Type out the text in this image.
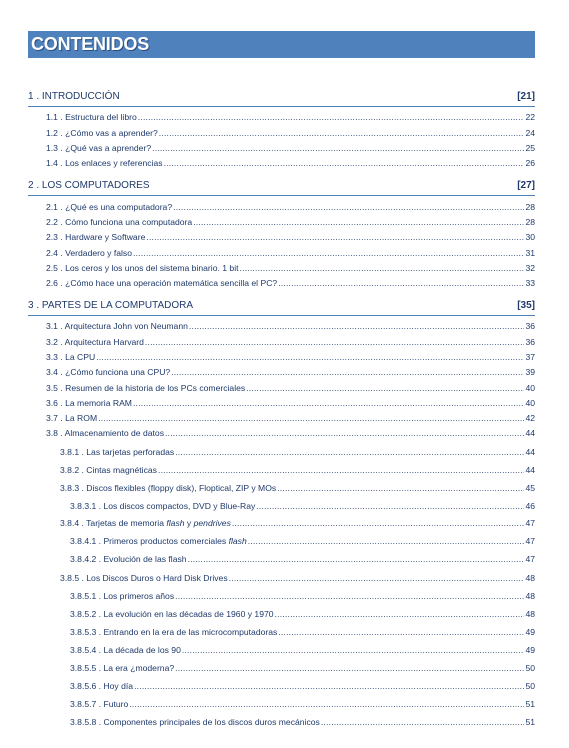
CONTENIDOS
1 . INTRODUCCIÓN	[21]
1.1 . Estructura del libro .....	22
1.2 . ¿Cómo vas a aprender? .....	24
1.3 . ¿Qué vas a aprender? .....	25
1.4 . Los enlaces y referencias .....	26
2 . LOS COMPUTADORES	[27]
2.1 . ¿Qué es una computadora? .....	28
2.2 . Cómo funciona una computadora .....	28
2.3 . Hardware y Software .....	30
2.4 . Verdadero y falso .....	31
2.5 . Los ceros y los unos del sistema binario. 1 bit .....	32
2.6 . ¿Cómo hace una operación matemática sencilla el PC? .....	33
3 . PARTES DE LA COMPUTADORA	[35]
3.1 . Arquitectura John von Neumann .....	36
3.2 . Arquitectura Harvard .....	36
3.3 . La CPU .....	37
3.4 . ¿Cómo funciona una CPU? .....	39
3.5 . Resumen de la historia de los PCs comerciales .....	40
3.6 . La memoria RAM .....	40
3.7 . La ROM .....	42
3.8 . Almacenamiento de datos .....	44
3.8.1 . Las tarjetas perforadas .....	44
3.8.2 . Cintas magnéticas .....	44
3.8.3 . Discos flexibles (floppy disk), Floptical, ZIP y MOs .....	45
3.8.3.1 . Los discos compactos, DVD y Blue-Ray .....	46
3.8.4 . Tarjetas de memoria flash y pendrives .....	47
3.8.4.1 . Primeros productos comerciales flash .....	47
3.8.4.2 . Evolución de las flash .....	47
3.8.5 . Los Discos Duros o Hard Disk Drives .....	48
3.8.5.1 . Los primeros años .....	48
3.8.5.2 . La evolución en las décadas de 1960 y 1970 .....	48
3.8.5.3 . Entrando en la era de las microcomputadoras .....	49
3.8.5.4 . La década de los 90 .....	49
3.8.5.5 . La era ¿moderna? .....	50
3.8.5.6 . Hoy día .....	50
3.8.5.7 . Futuro .....	51
3.8.5.8 . Componentes principales de los discos duros mecánicos .....	51
